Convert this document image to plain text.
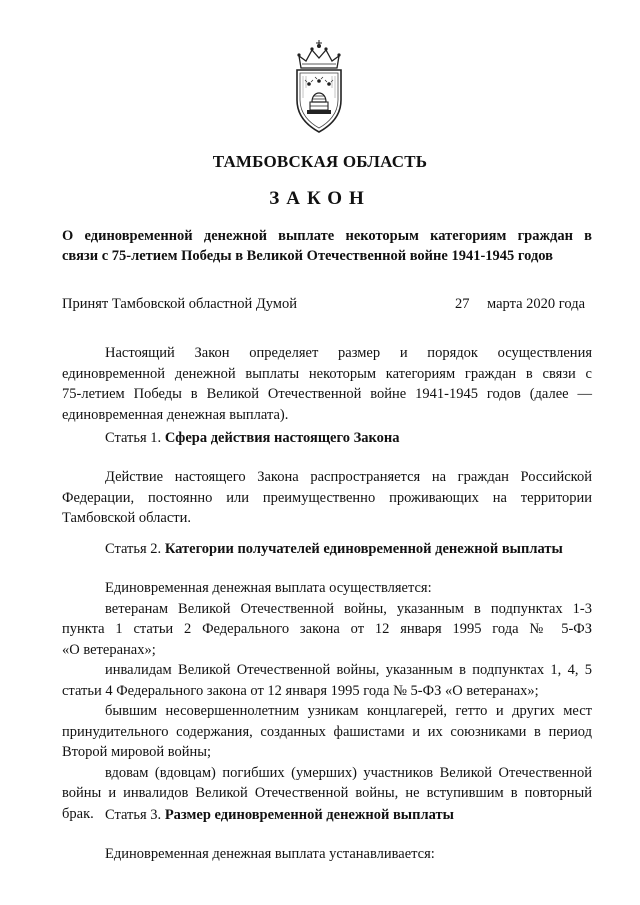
ТАМБОВСКАЯ ОБЛАСТЬ
ЗАКОН
О единовременной денежной выплате некоторым категориям граждан в
связи с 75-летием Победы в Великой Отечественной войне 1941-1945 годов
Принят Тамбовской областной Думой	27 марта 2020 года
Настоящий Закон определяет размер и порядок осуществления
единовременной денежной выплаты некоторым категориям граждан в связи с
75-летием Победы в Великой Отечественной войне 1941-1945 годов (далее —
единовременная денежная выплата).
Статья 1. Сфера действия настоящего Закона
Действие настоящего Закона распространяется на граждан Российской
Федерации, постоянно или преимущественно проживающих на территории
Тамбовской области.
Статья 2. Категории получателей единовременной денежной выплаты
Единовременная денежная выплата осуществляется:
ветеранам Великой Отечественной войны, указанным в подпунктах 1-3
пункта 1 статьи 2 Федерального закона от 12 января 1995 года № 5-ФЗ
«О ветеранах»;
инвалидам Великой Отечественной войны, указанным в подпунктах 1, 4, 5
статьи 4 Федерального закона от 12 января 1995 года № 5-ФЗ «О ветеранах»;
бывшим несовершеннолетним узникам концлагерей, гетто и других мест
принудительного содержания, созданных фашистами и их союзниками в период
Второй мировой войны;
вдовам (вдовцам) погибших (умерших) участников Великой Отечественной
войны и инвалидов Великой Отечественной войны, не вступившим в повторный
брак. Статья 3. Размер единовременной денежной выплаты
Единовременная денежная выплата устанавливается:
